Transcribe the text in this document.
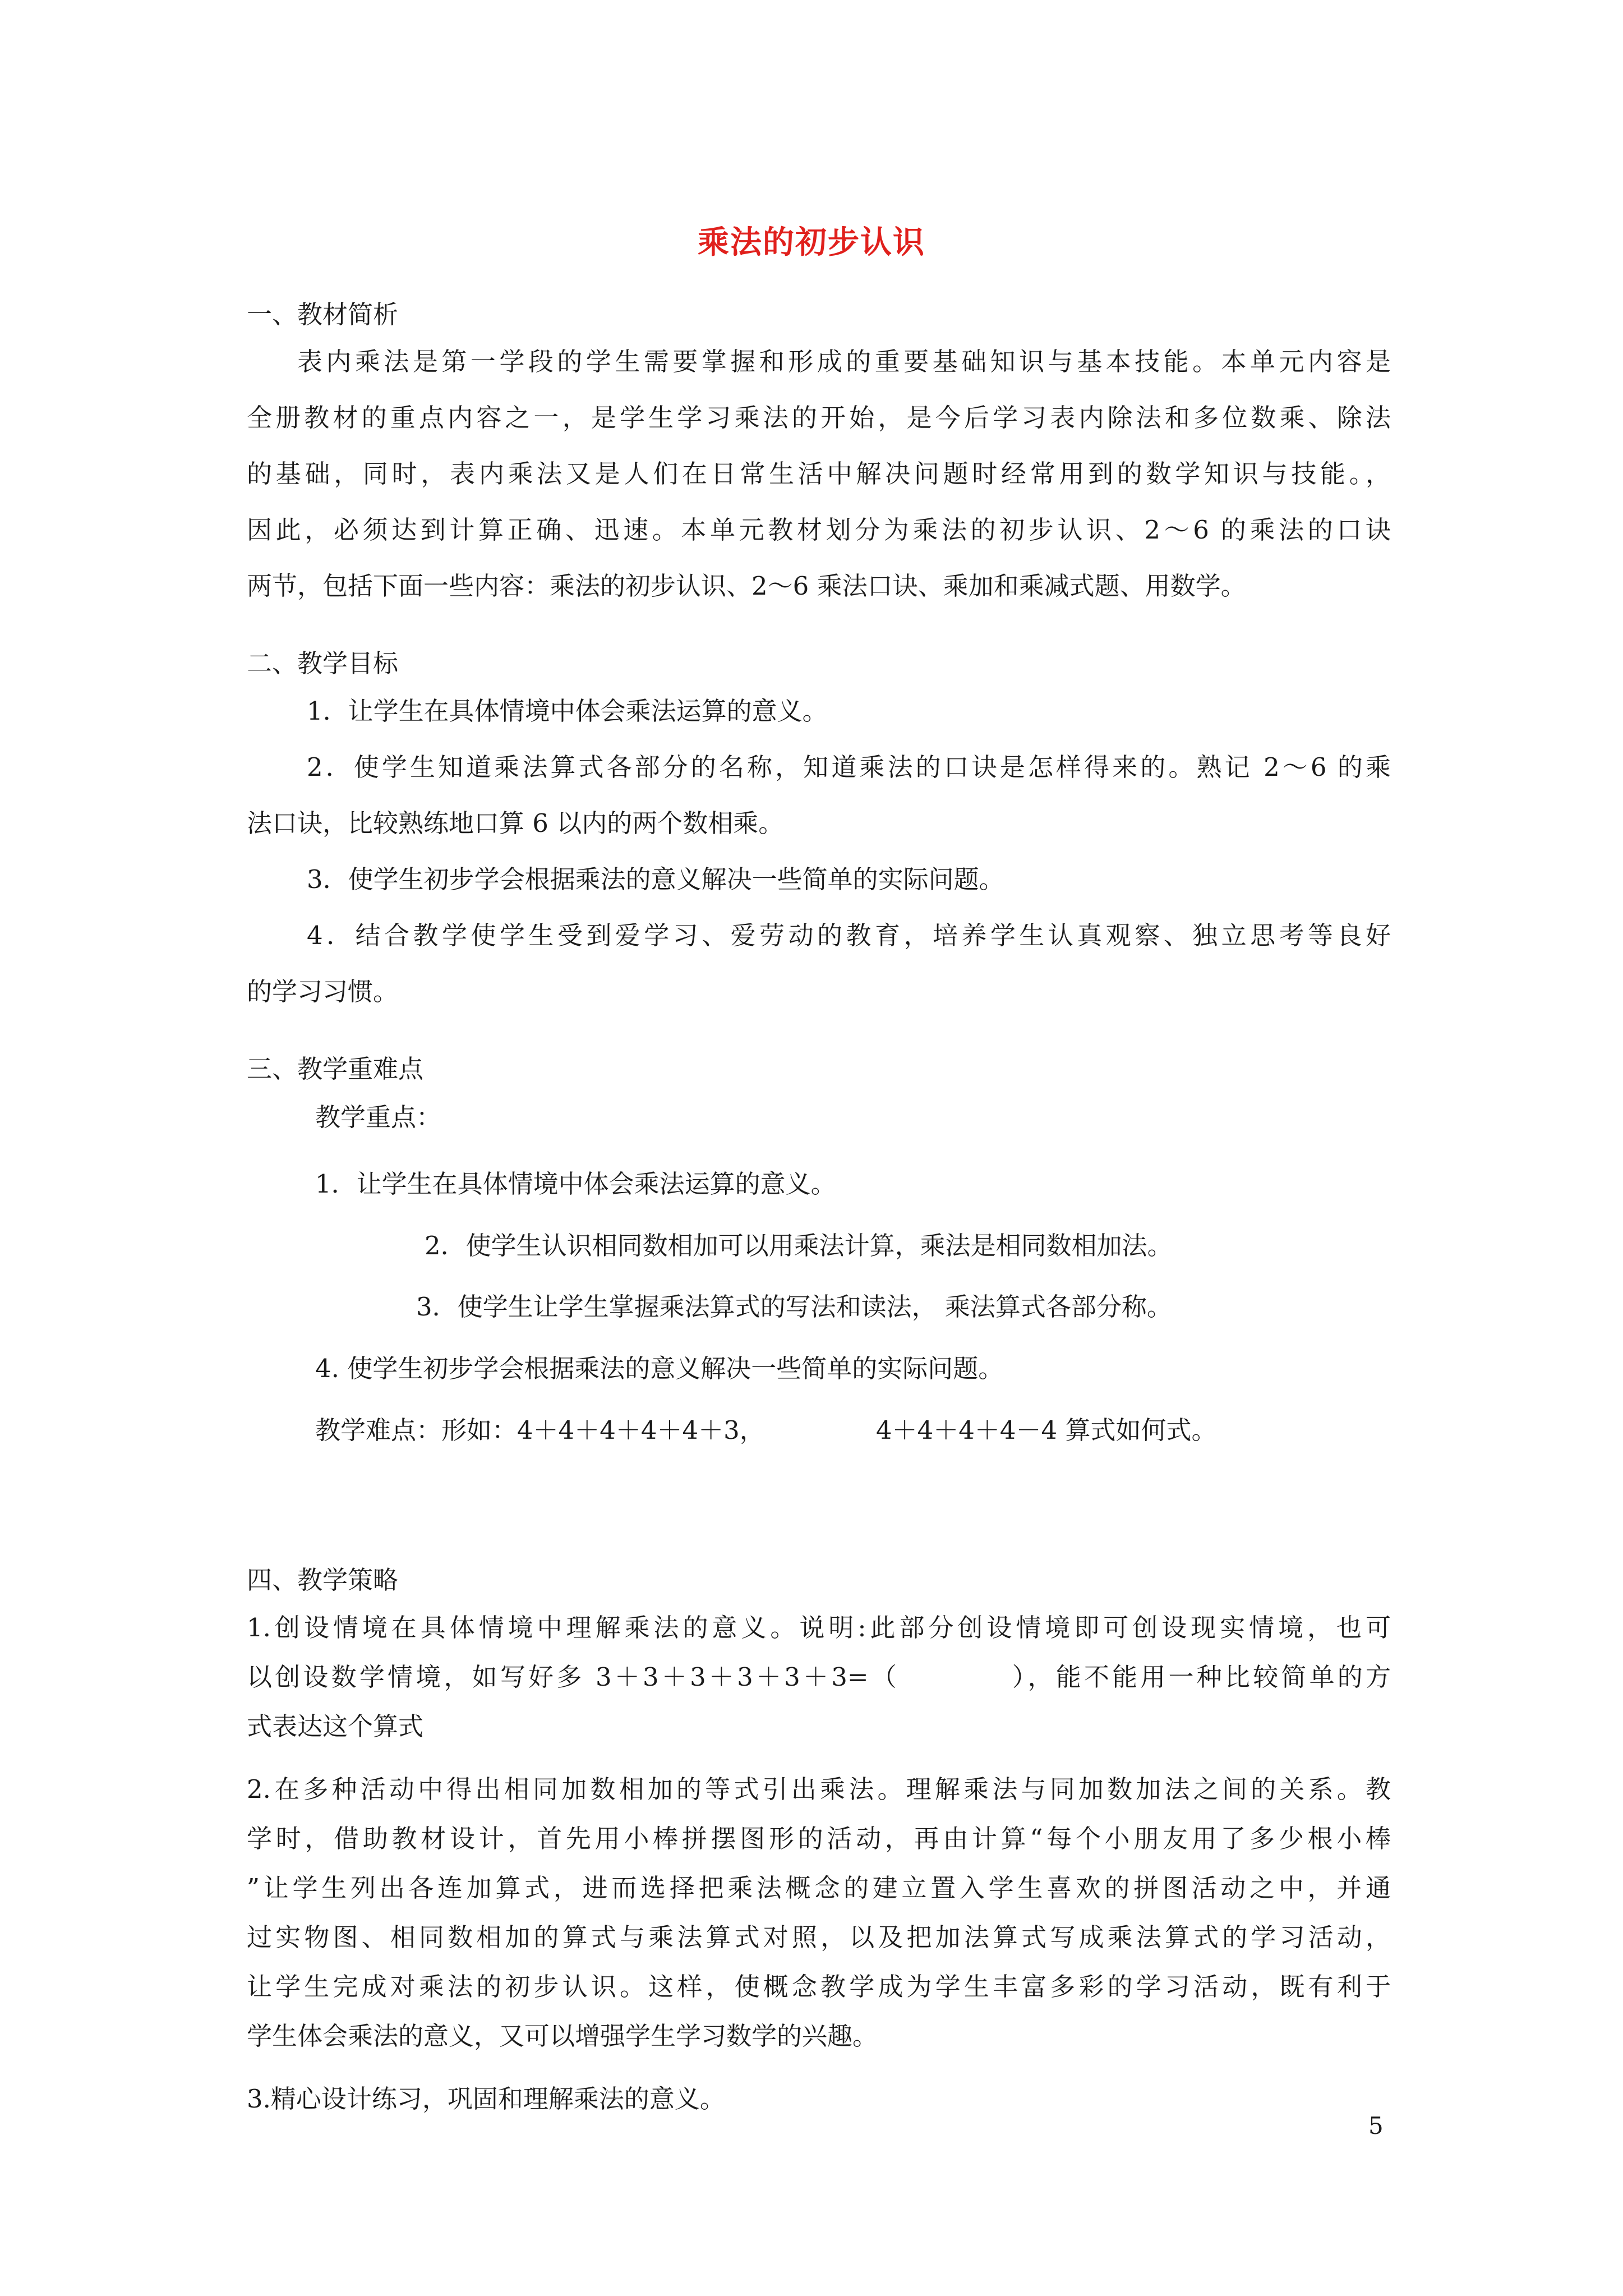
乘法的初步认识
一、教材简析
表内乘法是第一学段的学生需要掌握和形成的重要基础知识与基本技能。本单元内容是
全册教材的重点内容之一，是学生学习乘法的开始，是今后学习表内除法和多位数乘、除法
的基础，同时，表内乘法又是人们在日常生活中解决问题时经常用到的数学知识与技能。，
因此，必须达到计算正确、迅速。本单元教材划分为乘法的初步认识、2～6 的乘法的口诀
两节，包括下面一些内容：乘法的初步认识、2～6 乘法口诀、乘加和乘减式题、用数学。
二、教学目标
1．让学生在具体情境中体会乘法运算的意义。
2．使学生知道乘法算式各部分的名称，知道乘法的口诀是怎样得来的。熟记 2～6 的乘
法口诀，比较熟练地口算 6 以内的两个数相乘。
3．使学生初步学会根据乘法的意义解决一些简单的实际问题。
4．结合教学使学生受到爱学习、爱劳动的教育，培养学生认真观察、独立思考等良好
的学习习惯。
三、教学重难点
教学重点：
1．让学生在具体情境中体会乘法运算的意义。
2．使学生认识相同数相加可以用乘法计算，乘法是相同数相加法。
3．使学生让学生掌握乘法算式的写法和读法， 乘法算式各部分称。
4. 使学生初步学会根据乘法的意义解决一些简单的实际问题。
教学难点：形如：4＋4＋4＋4＋4＋3，	4＋4＋4＋4－4 算式如何式。
四、教学策略
1.创设情境在具体情境中理解乘法的意义。说明:此部分创设情境即可创设现实情境，也可
以创设数学情境，如写好多 3＋3＋3＋3＋3＋3=（　　　　），能不能用一种比较简单的方
式表达这个算式
2.在多种活动中得出相同加数相加的等式引出乘法。理解乘法与同加数加法之间的关系。教
学时，借助教材设计，首先用小棒拼摆图形的活动，再由计算“每个小朋友用了多少根小棒
”让学生列出各连加算式，进而选择把乘法概念的建立置入学生喜欢的拼图活动之中，并通
过实物图、相同数相加的算式与乘法算式对照，以及把加法算式写成乘法算式的学习活动，
让学生完成对乘法的初步认识。这样，使概念教学成为学生丰富多彩的学习活动，既有利于
学生体会乘法的意义，又可以增强学生学习数学的兴趣。
3.精心设计练习，巩固和理解乘法的意义。
5
